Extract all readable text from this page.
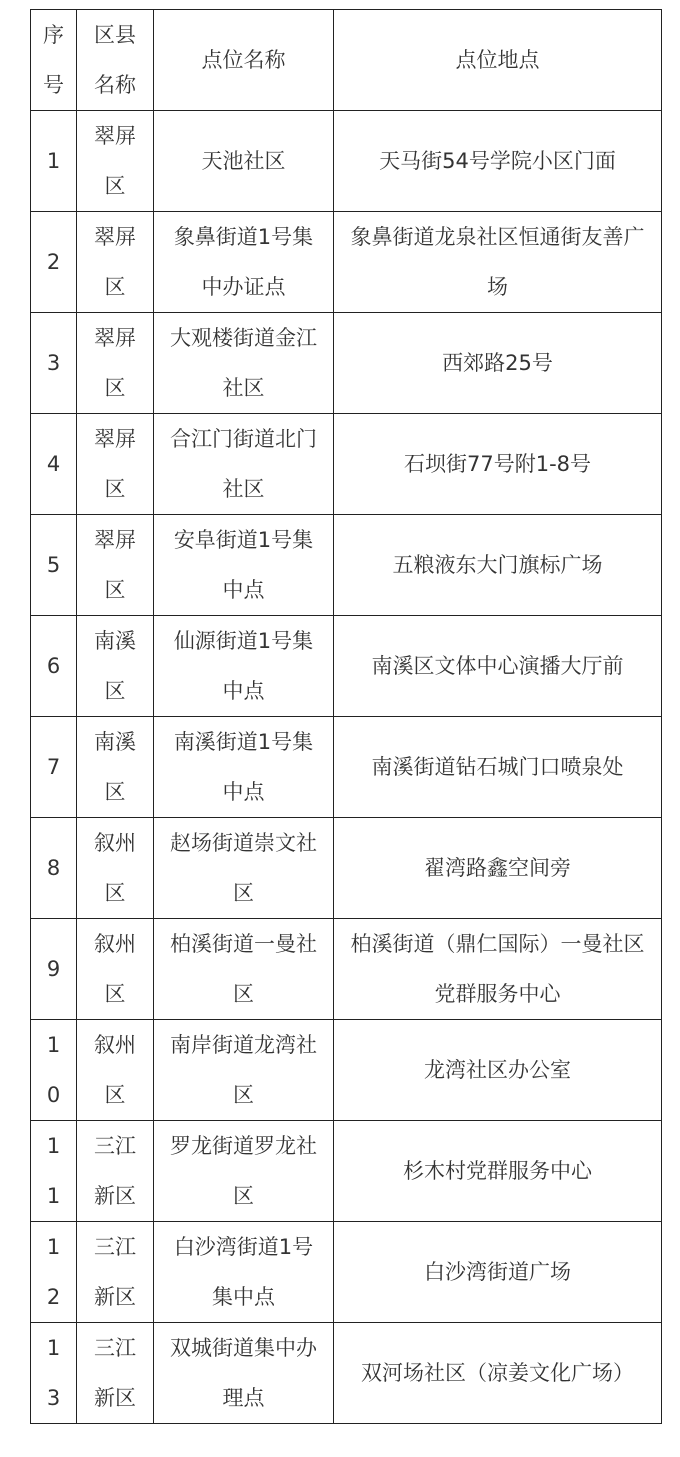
序号	区县名称	点位名称	点位地点

1	翠屏区	天池社区	天马街54号学院小区门面

2	翠屏区	象鼻街道1号集中办证点	象鼻街道龙泉社区恒通街友善广场

3	翠屏区	大观楼街道金江社区	西郊路25号

4	翠屏区	合江门街道北门社区	石坝街77号附1-8号

5	翠屏区	安阜街道1号集中点	五粮液东大门旗标广场

6	南溪区	仙源街道1号集中点	南溪区文体中心演播大厅前

7	南溪区	南溪街道1号集中点	南溪街道钻石城门口喷泉处

8	叙州区	赵场街道崇文社区	翟湾路鑫空间旁

9	叙州区	柏溪街道一曼社区	柏溪街道（鼎仁国际）一曼社区党群服务中心

10	叙州区	南岸街道龙湾社区	龙湾社区办公室

11	三江新区	罗龙街道罗龙社区	杉木村党群服务中心

12	三江新区	白沙湾街道1号集中点	白沙湾街道广场

13	三江新区	双城街道集中办理点	双河场社区（凉姜文化广场）
